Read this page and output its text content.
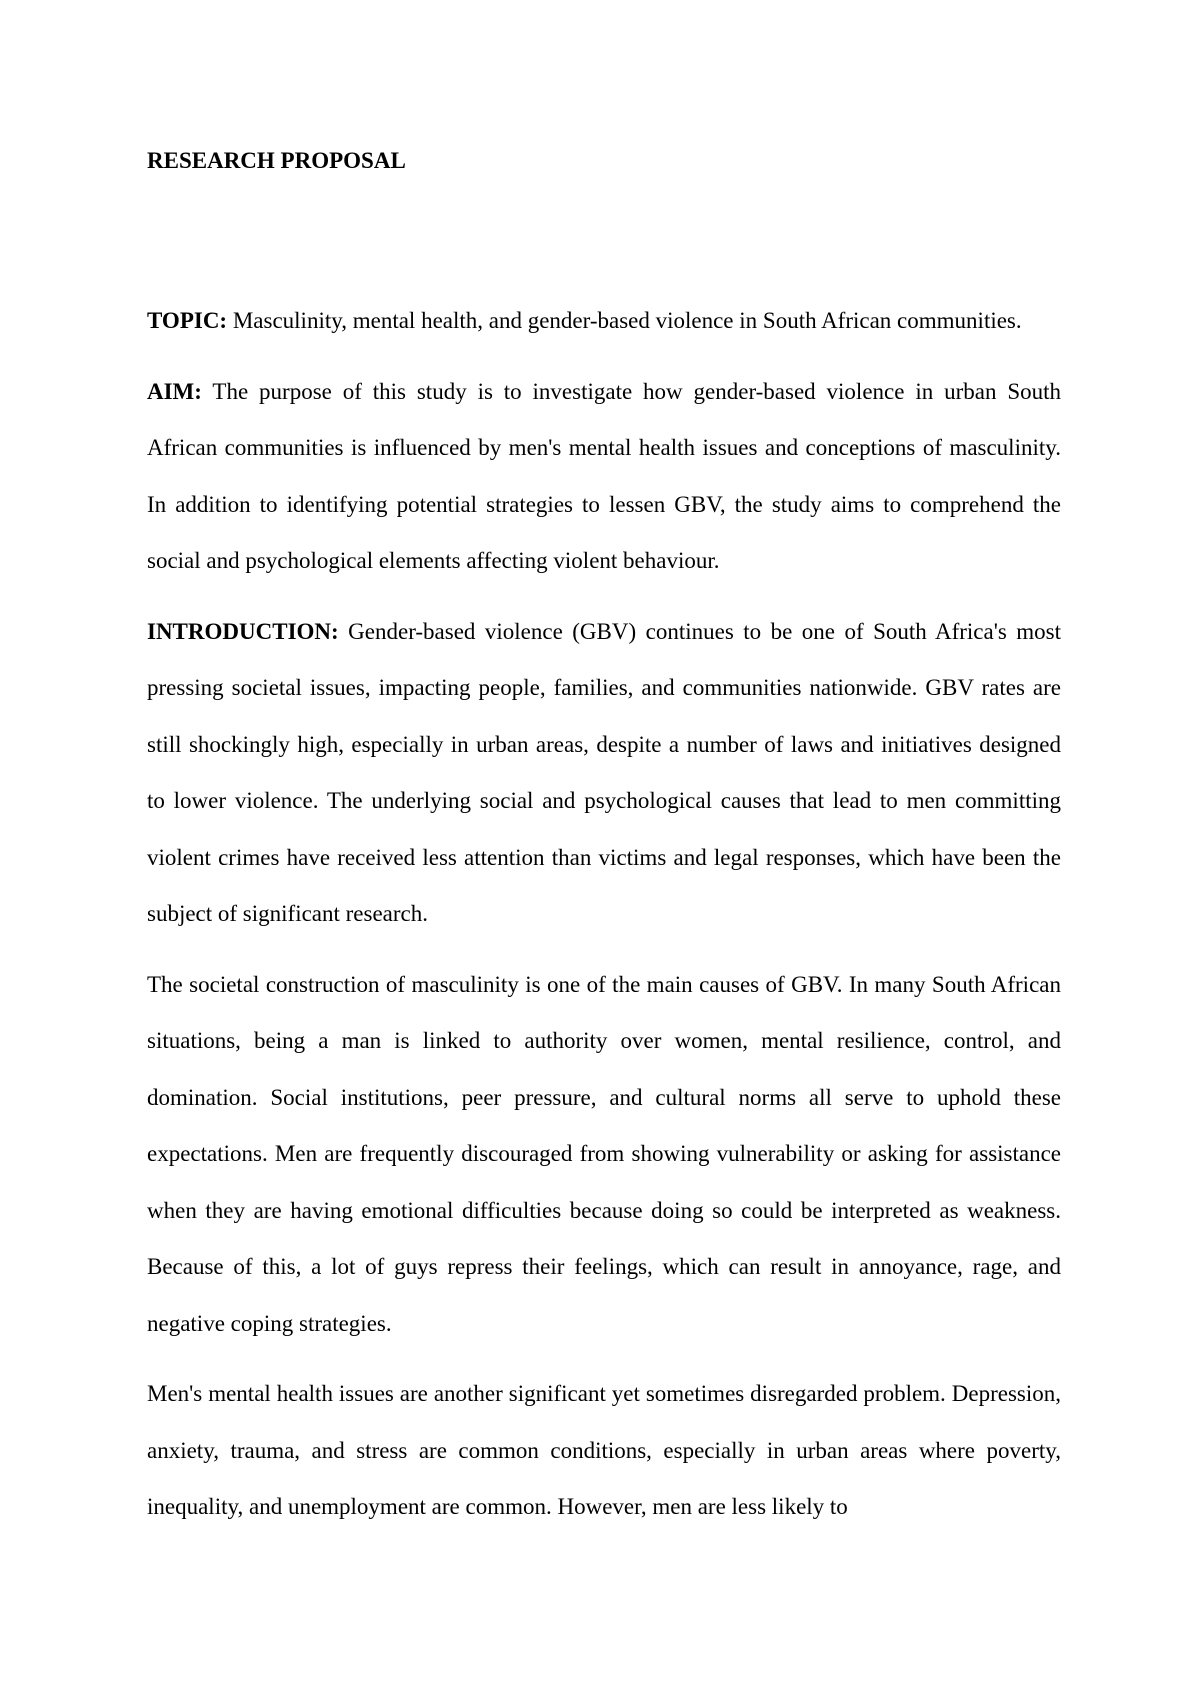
RESEARCH PROPOSAL

TOPIC: Masculinity, mental health, and gender-based violence in South African communities.

AIM: The purpose of this study is to investigate how gender-based violence in urban South African communities is influenced by men's mental health issues and conceptions of masculinity. In addition to identifying potential strategies to lessen GBV, the study aims to comprehend the social and psychological elements affecting violent behaviour.

INTRODUCTION: Gender-based violence (GBV) continues to be one of South Africa's most pressing societal issues, impacting people, families, and communities nationwide. GBV rates are still shockingly high, especially in urban areas, despite a number of laws and initiatives designed to lower violence. The underlying social and psychological causes that lead to men committing violent crimes have received less attention than victims and legal responses, which have been the subject of significant research.

The societal construction of masculinity is one of the main causes of GBV. In many South African situations, being a man is linked to authority over women, mental resilience, control, and domination. Social institutions, peer pressure, and cultural norms all serve to uphold these expectations. Men are frequently discouraged from showing vulnerability or asking for assistance when they are having emotional difficulties because doing so could be interpreted as weakness. Because of this, a lot of guys repress their feelings, which can result in annoyance, rage, and negative coping strategies.

Men's mental health issues are another significant yet sometimes disregarded problem. Depression, anxiety, trauma, and stress are common conditions, especially in urban areas where poverty, inequality, and unemployment are common. However, men are less likely to
